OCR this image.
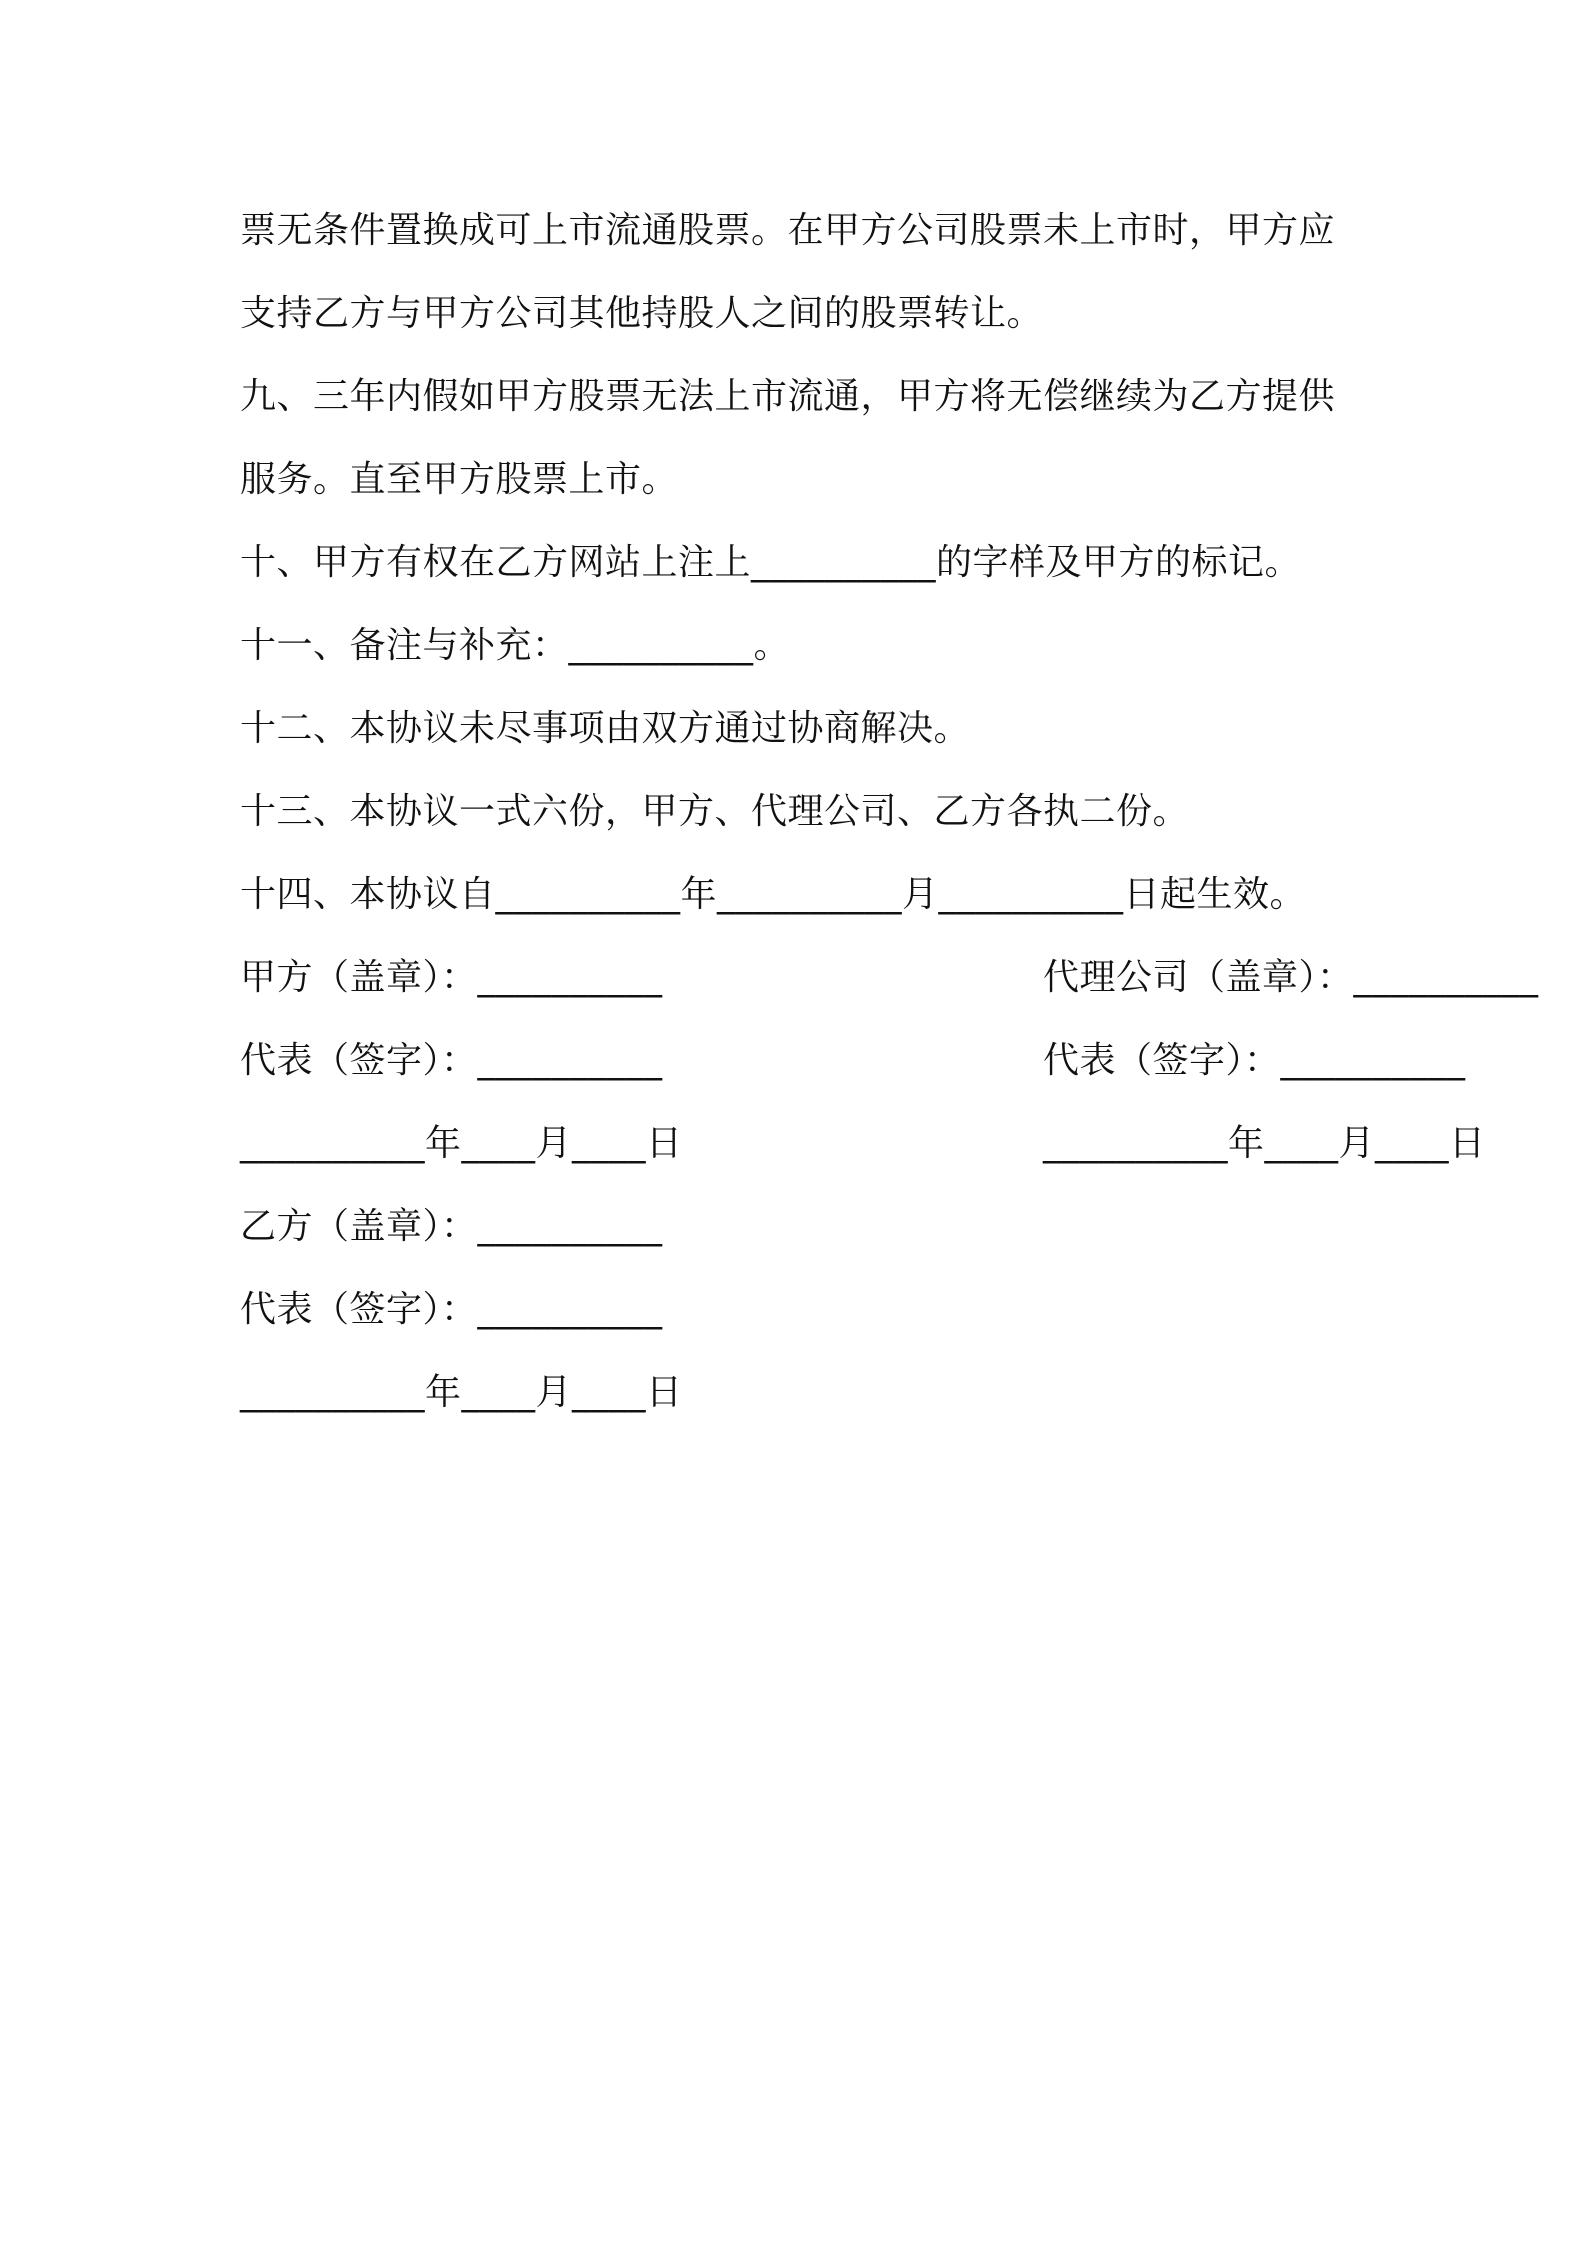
票无条件置换成可上市流通股票。在甲方公司股票未上市时，甲方应
支持乙方与甲方公司其他持股人之间的股票转让。
九、三年内假如甲方股票无法上市流通，甲方将无偿继续为乙方提供
服务。直至甲方股票上市。
十、甲方有权在乙方网站上注上__________的字样及甲方的标记。
十一、备注与补充：__________。
十二、本协议未尽事项由双方通过协商解决。
十三、本协议一式六份，甲方、代理公司、乙方各执二份。
十四、本协议自__________年__________月__________日起生效。
甲方（盖章）：__________	代理公司（盖章）：__________
代表（签字）：__________	代表（签字）：__________
__________年____月____日	__________年____月____日
乙方（盖章）：__________
代表（签字）：__________
__________年____月____日
